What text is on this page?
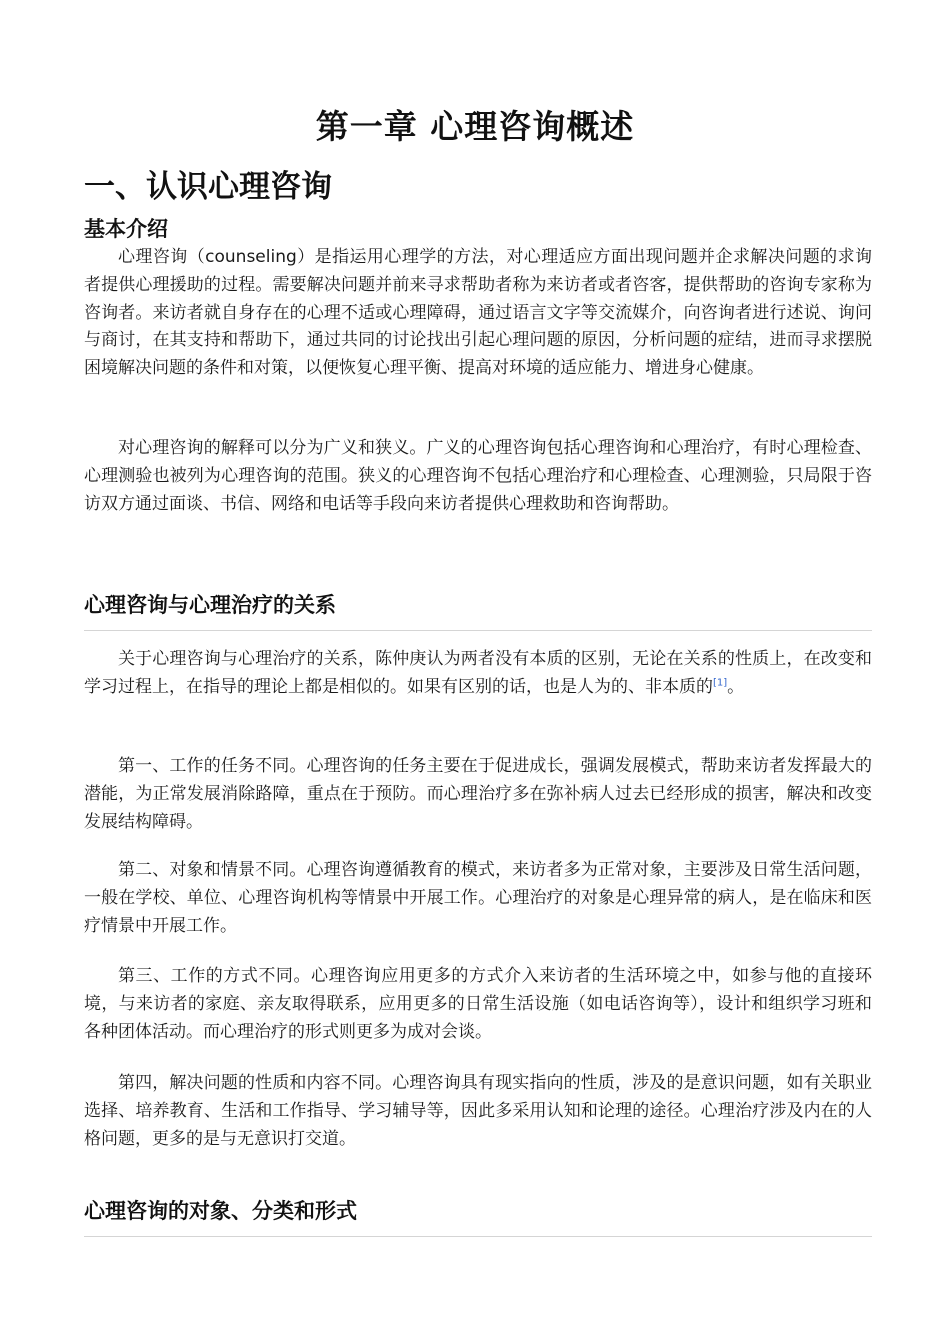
第一章 心理咨询概述
一、认识心理咨询
基本介绍

心理咨询（counseling）是指运用心理学的方法，对心理适应方面出现问题并企求解决问题的求询者提供心理援助的过程。需要解决问题并前来寻求帮助者称为来访者或者咨客，提供帮助的咨询专家称为咨询者。来访者就自身存在的心理不适或心理障碍，通过语言文字等交流媒介，向咨询者进行述说、询问与商讨，在其支持和帮助下，通过共同的讨论找出引起心理问题的原因，分析问题的症结，进而寻求摆脱困境解决问题的条件和对策，以便恢复心理平衡、提高对环境的适应能力、增进身心健康。

对心理咨询的解释可以分为广义和狭义。广义的心理咨询包括心理咨询和心理治疗，有时心理检查、心理测验也被列为心理咨询的范围。狭义的心理咨询不包括心理治疗和心理检查、心理测验，只局限于咨访双方通过面谈、书信、网络和电话等手段向来访者提供心理救助和咨询帮助。

心理咨询与心理治疗的关系

关于心理咨询与心理治疗的关系，陈仲庚认为两者没有本质的区别，无论在关系的性质上，在改变和学习过程上，在指导的理论上都是相似的。如果有区别的话，也是人为的、非本质的[1]。

第一、工作的任务不同。心理咨询的任务主要在于促进成长，强调发展模式，帮助来访者发挥最大的潜能，为正常发展消除路障，重点在于预防。而心理治疗多在弥补病人过去已经形成的损害，解决和改变发展结构障碍。

第二、对象和情景不同。心理咨询遵循教育的模式，来访者多为正常对象，主要涉及日常生活问题，一般在学校、单位、心理咨询机构等情景中开展工作。心理治疗的对象是心理异常的病人，是在临床和医疗情景中开展工作。

第三、工作的方式不同。心理咨询应用更多的方式介入来访者的生活环境之中，如参与他的直接环境，与来访者的家庭、亲友取得联系，应用更多的日常生活设施（如电话咨询等），设计和组织学习班和各种团体活动。而心理治疗的形式则更多为成对会谈。

第四，解决问题的性质和内容不同。心理咨询具有现实指向的性质，涉及的是意识问题，如有关职业选择、培养教育、生活和工作指导、学习辅导等，因此多采用认知和论理的途径。心理治疗涉及内在的人格问题，更多的是与无意识打交道。

心理咨询的对象、分类和形式
